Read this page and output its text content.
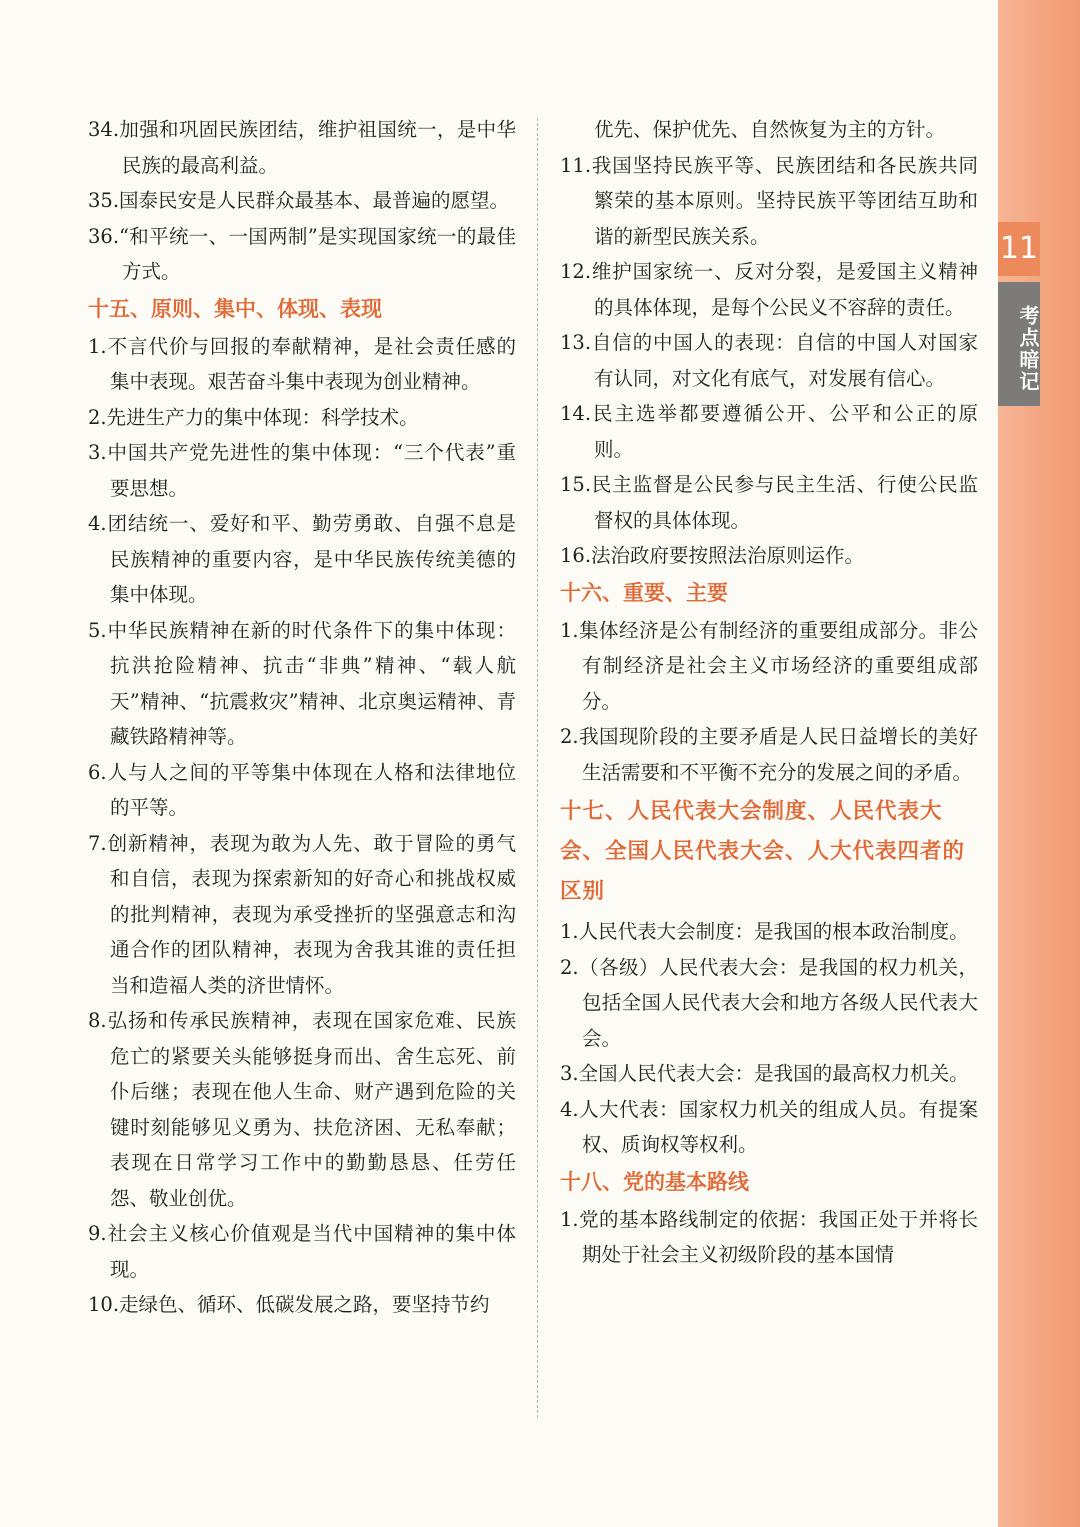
11
考点暗记

34.加强和巩固民族团结，维护祖国统一，是中华民族的最高利益。

35.国泰民安是人民群众最基本、最普遍的愿望。

36.“和平统一、一国两制”是实现国家统一的最佳方式。

十五、原则、集中、体现、表现

1.不言代价与回报的奉献精神，是社会责任感的集中表现。艰苦奋斗集中表现为创业精神。

2.先进生产力的集中体现：科学技术。

3.中国共产党先进性的集中体现：“三个代表”重要思想。

4.团结统一、爱好和平、勤劳勇敢、自强不息是民族精神的重要内容，是中华民族传统美德的集中体现。

5.中华民族精神在新的时代条件下的集中体现：抗洪抢险精神、抗击“非典”精神、“载人航天”精神、“抗震救灾”精神、北京奥运精神、青藏铁路精神等。

6.人与人之间的平等集中体现在人格和法律地位的平等。

7.创新精神，表现为敢为人先、敢于冒险的勇气和自信，表现为探索新知的好奇心和挑战权威的批判精神，表现为承受挫折的坚强意志和沟通合作的团队精神，表现为舍我其谁的责任担当和造福人类的济世情怀。

8.弘扬和传承民族精神，表现在国家危难、民族危亡的紧要关头能够挺身而出、舍生忘死、前仆后继；表现在他人生命、财产遇到危险的关键时刻能够见义勇为、扶危济困、无私奉献；表现在日常学习工作中的勤勤恳恳、任劳任怨、敬业创优。

9.社会主义核心价值观是当代中国精神的集中体现。

10.走绿色、循环、低碳发展之路，要坚持节约

优先、保护优先、自然恢复为主的方针。

11.我国坚持民族平等、民族团结和各民族共同繁荣的基本原则。坚持民族平等团结互助和谐的新型民族关系。

12.维护国家统一、反对分裂，是爱国主义精神的具体体现，是每个公民义不容辞的责任。

13.自信的中国人的表现：自信的中国人对国家有认同，对文化有底气，对发展有信心。

14.民主选举都要遵循公开、公平和公正的原则。

15.民主监督是公民参与民主生活、行使公民监督权的具体体现。

16.法治政府要按照法治原则运作。

十六、重要、主要

1.集体经济是公有制经济的重要组成部分。非公有制经济是社会主义市场经济的重要组成部分。

2.我国现阶段的主要矛盾是人民日益增长的美好生活需要和不平衡不充分的发展之间的矛盾。

十七、人民代表大会制度、人民代表大会、全国人民代表大会、人大代表四者的区别

1.人民代表大会制度：是我国的根本政治制度。

2.（各级）人民代表大会：是我国的权力机关，包括全国人民代表大会和地方各级人民代表大会。

3.全国人民代表大会：是我国的最高权力机关。

4.人大代表：国家权力机关的组成人员。有提案权、质询权等权利。

十八、党的基本路线

1.党的基本路线制定的依据：我国正处于并将长期处于社会主义初级阶段的基本国情
